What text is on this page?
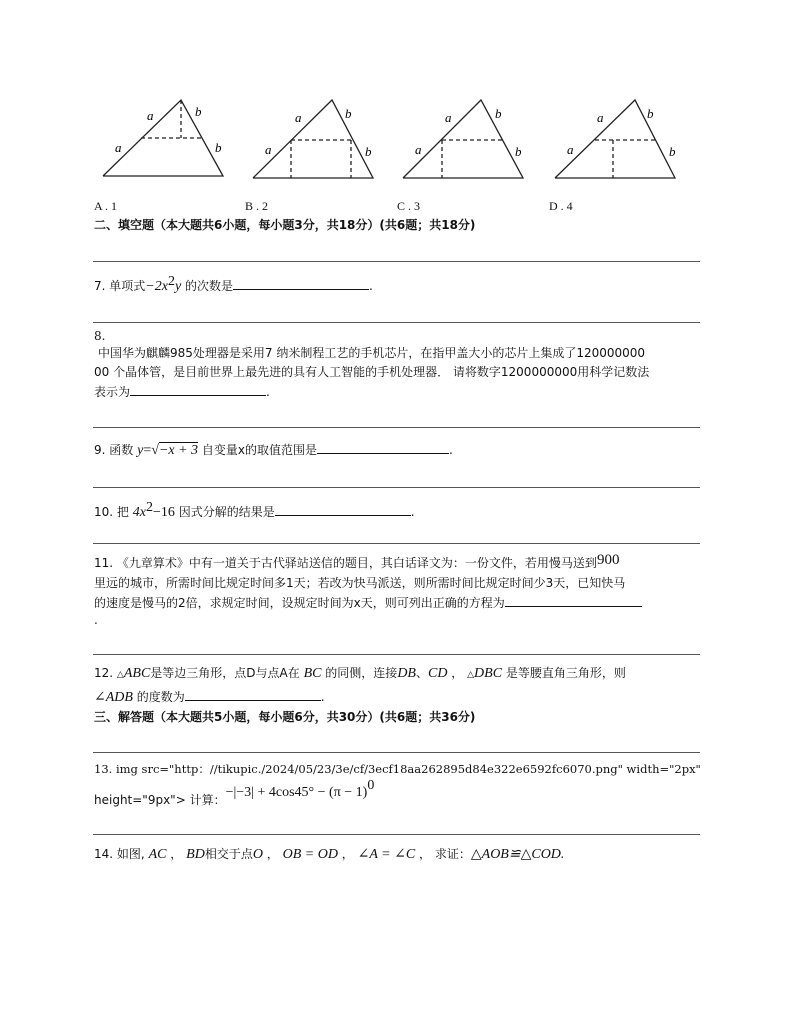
a
a
b
b
a
a
b
b
a
a
b
b
a
a
b
b
A . 1	B . 2	C . 3	D . 4
二、填空题（本大题共6小题，每小题3分，共18分）(共6题；共18分)
7. 单项式$-2x^2y$ 的次数是	.
8.
中国华为麒麟985处理器是采用7 纳米制程工艺的手机芯片，在指甲盖大小的芯片上集成了120000000
00 个晶体管，是目前世界上最先进的具有人工智能的手机处理器． 请将数字1200000000用科学记数法
表示为	.
9. 函数 y=√−x + 3 自变量x的取值范围是	.
10. 把 $4x^2-16$ 因式分解的结果是	.
11. 《九章算术》中有一道关于古代驿站送信的题目，其白话译文为：一份文件，若用慢马送到900
里远的城市，所需时间比规定时间多1天；若改为快马派送，则所需时间比规定时间少3天，已知快马
的速度是慢马的2倍，求规定时间，设规定时间为x天，则可列出正确的方程为
.
12. △ABC是等边三角形，点D与点A在 BC 的同侧，连接DB、CD ， △DBC 是等腰直角三角形，则
∠ADB 的度数为	.
三、解答题（本大题共5小题，每小题6分，共30分）(共6题；共36分)
13. img src="http：//tikupic./2024/05/23/3e/cf/3ecf18aa262895d84e322e6592fc6070.png" width="2px"
height="9px"> 计算：$-|-3| + 4\cos 45^\circ - (\pi - 1)^0$
14. 如图, AC ， BD相交于点O ， OB = OD ， ∠A = ∠C ， 求证：△AOB≌△COD.
